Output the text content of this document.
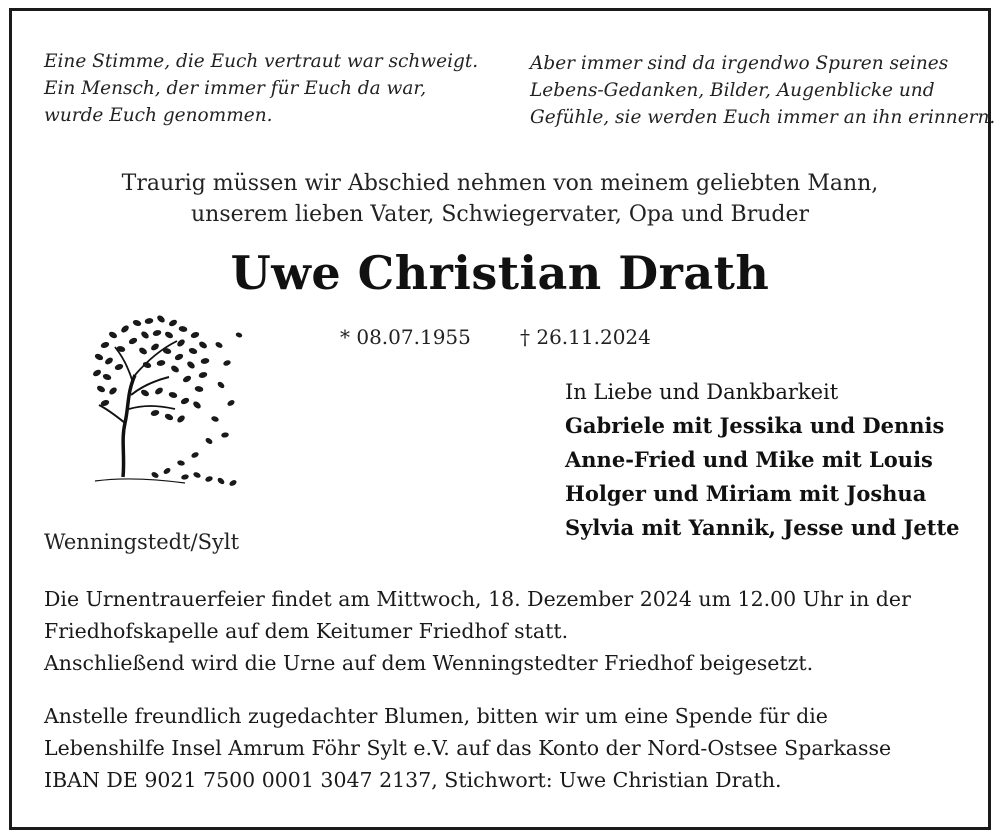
Eine Stimme, die Euch vertraut war schweigt.
Ein Mensch, der immer für Euch da war,
wurde Euch genommen.
Aber immer sind da irgendwo Spuren seines
Lebens-Gedanken, Bilder, Augenblicke und
Gefühle, sie werden Euch immer an ihn erinnern.
Traurig müssen wir Abschied nehmen von meinem geliebten Mann,
unserem lieben Vater, Schwiegervater, Opa und Bruder
Uwe Christian Drath
* 08.07.1955 † 26.11.2024
In Liebe und Dankbarkeit
Gabriele mit Jessika und Dennis
Anne-Fried und Mike mit Louis
Holger und Miriam mit Joshua
Sylvia mit Yannik, Jesse und Jette
Wenningstedt/Sylt
Die Urnentrauerfeier findet am Mittwoch, 18. Dezember 2024 um 12.00 Uhr in der
Friedhofskapelle auf dem Keitumer Friedhof statt.
Anschließend wird die Urne auf dem Wenningstedter Friedhof beigesetzt.
Anstelle freundlich zugedachter Blumen, bitten wir um eine Spende für die
Lebenshilfe Insel Amrum Föhr Sylt e.V. auf das Konto der Nord-Ostsee Sparkasse
IBAN DE 9021 7500 0001 3047 2137, Stichwort: Uwe Christian Drath.
